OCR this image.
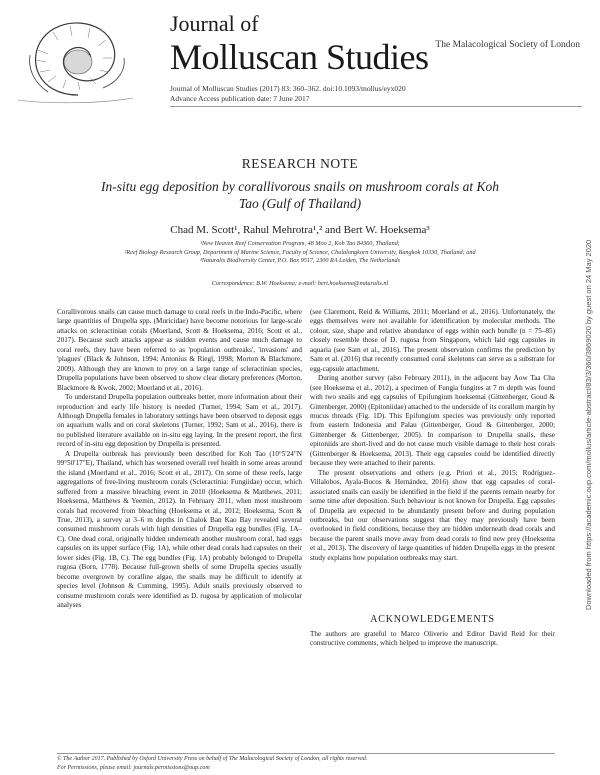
Journal of
Molluscan Studies The Malacological Society of London
Journal of Molluscan Studies (2017) 83: 360–362. doi:10.1093/mollus/eyx020
Advance Access publication date: 7 June 2017
RESEARCH NOTE
In-situ egg deposition by corallivorous snails on mushroom corals at Koh Tao (Gulf of Thailand)
Chad M. Scott¹, Rahul Mehrotra¹,² and Bert W. Hoeksema³
¹New Heaven Reef Conservation Program, 48 Moo 2, Koh Tao 84360, Thailand;
²Reef Biology Research Group, Department of Marine Science, Faculty of Science, Chulalongkorn University, Bangkok 10330, Thailand; and
³Naturalis Biodiversity Center, P.O. Box 9517, 2300 RA Leiden, The Netherlands
Correspondence: B.W. Hoeksema; e-mail: bert.hoeksema@naturalis.nl

Corallivorous snails can cause much damage to coral reefs in the Indo-Pacific, where large quantities of Drupella spp. (Muricidae) have become notorious for large-scale attacks on scleractinian corals (Moerland, Scott & Hoeksema, 2016; Scott et al., 2017). Because such attacks appear as sudden events and cause much damage to coral reefs, they have been referred to as 'population outbreaks', 'invasions' and 'plagues' (Black & Johnson, 1994; Antonius & Riegl, 1998; Morton & Blackmore, 2009). Although they are known to prey on a large range of scleractinian species, Drupella populations have been observed to show clear dietary preferences (Morton, Blackmore & Kwok, 2002; Moerland et al., 2016).

To understand Drupella population outbreaks better, more information about their reproduction and early life history is needed (Turner, 1994; Sam et al., 2017). Although Drupella females in laboratory settings have been observed to deposit eggs on aquarium walls and on coral skeletons (Turner, 1992; Sam et al., 2016), there is no published literature available on in-situ egg laying. In the present report, the first record of in-situ egg deposition by Drupella is presented.

A Drupella outbreak has previously been described for Koh Tao (10°5'24"N 99°50'17"E), Thailand, which has worsened overall reef health in some areas around the island (Moerland et al., 2016; Scott et al., 2017). On some of these reefs, large aggregations of free-living mushroom corals (Scleractinia: Fungiidae) occur, which suffered from a massive bleaching event in 2010 (Hoeksema & Matthews, 2011; Hoeksema, Matthews & Yeemin, 2012). In February 2011, when most mushroom corals had recovered from bleaching (Hoeksema et al., 2012; Hoeksema, Scott & True, 2013), a survey at 3–6 m depths in Chalok Ban Kao Bay revealed several consumed mushroom corals with high densities of Drupella egg bundles (Fig. 1A–C). One dead coral, originally hidden underneath another mushroom coral, had eggs capsules on its upper surface (Fig. 1A), while other dead corals had capsules on their lower sides (Fig. 1B, C). The egg bundles (Fig. 1A) probably belonged to Drupella rugosa (Born, 1778). Because full-grown shells of some Drupella species usually become overgrown by coralline algae, the snails may be difficult to identify at species level (Johnson & Cumming, 1995). Adult snails previously observed to consume mushroom corals were identified as D. rugosa by application of molecular analyses

(see Claremont, Reid & Williams, 2011; Moerland et al., 2016). Unfortunately, the eggs themselves were not available for identification by molecular methods. The colour, size, shape and relative abundance of eggs within each bundle (n = 75–85) closely resemble those of D. rugosa from Singapore, which laid egg capsules in aquaria (see Sam et al., 2016). The present observation confirms the prediction by Sam et al. (2016) that recently consumed coral skeletons can serve as a substrate for egg-capsule attachment.

During another survey (also February 2011), in the adjacent bay Aow Taa Cha (see Hoeksema et al., 2012), a specimen of Fungia fungites at 7 m depth was found with two snails and egg capsules of Epifungium hoeksemai (Gittenberger, Goud & Gittenberger, 2000) (Epitoniidae) attached to the underside of its corallum margin by mucus threads (Fig. 1D). This Epifungium species was previously only reported from eastern Indonesia and Palau (Gittenberger, Goud & Gittenberger, 2000; Gittenberger & Gittenberger, 2005). In comparison to Drupella snails, these epitoniids are short-lived and do not cause much visible damage to their host corals (Gittenberger & Hoeksema, 2013). Their egg capsules could be identified directly because they were attached to their parents.

The present observations and others (e.g. Priori et al., 2015; Rodríguez-Villalobos, Ayala-Bocos & Hernández, 2016) show that egg capsules of coral-associated snails can easily be identified in the field if the parents remain nearby for some time after deposition. Such behaviour is not known for Drupella. Egg capsules of Drupella are expected to be abundantly present before and during population outbreaks, but our observations suggest that they may previously have been overlooked in field conditions, because they are hidden underneath dead corals and because the parent snails move away from dead corals to find new prey (Hoeksema et al., 2013). The discovery of large quantities of hidden Drupella eggs in the present study explains how population outbreaks may start.

ACKNOWLEDGEMENTS
The authors are grateful to Marco Oliverio and Editor David Reid for their constructive comments, which helped to improve the manuscript.
© The Author 2017. Published by Oxford University Press on behalf of The Malacological Society of London, all rights reserved.
For Permissions, please email: journals.permissions@oup.com
Downloaded from https://academic.oup.com/mollus/article-abstract/83/3/360/3869020 by guest on 24 May 2020
